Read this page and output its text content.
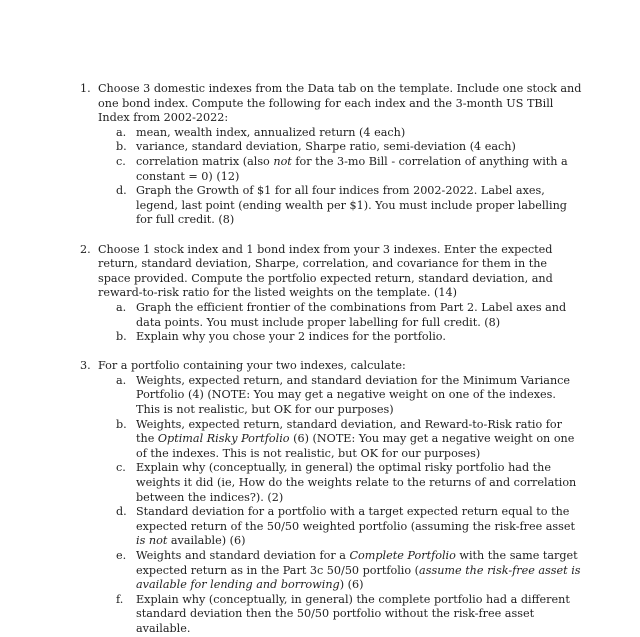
1. Choose 3 domestic indexes from the Data tab on the template. Include one stock and one bond index. Compute the following for each index and the 3-month US TBill Index from 2002-2022:

a. mean, wealth index, annualized return (4 each)

b. variance, standard deviation, Sharpe ratio, semi-deviation (4 each)

c. correlation matrix (also not for the 3-mo Bill - correlation of anything with a constant = 0) (12)

d. Graph the Growth of $1 for all four indices from 2002-2022. Label axes, legend, last point (ending wealth per $1). You must include proper labelling for full credit. (8)

2. Choose 1 stock index and 1 bond index from your 3 indexes. Enter the expected return, standard deviation, Sharpe, correlation, and covariance for them in the space provided. Compute the portfolio expected return, standard deviation, and reward-to-risk ratio for the listed weights on the template. (14)

a. Graph the efficient frontier of the combinations from Part 2. Label axes and data points. You must include proper labelling for full credit. (8)

b. Explain why you chose your 2 indices for the portfolio.

3. For a portfolio containing your two indexes, calculate:

a. Weights, expected return, and standard deviation for the Minimum Variance Portfolio (4) (NOTE: You may get a negative weight on one of the indexes. This is not realistic, but OK for our purposes)

b. Weights, expected return, standard deviation, and Reward-to-Risk ratio for the Optimal Risky Portfolio (6) (NOTE: You may get a negative weight on one of the indexes. This is not realistic, but OK for our purposes)

c. Explain why (conceptually, in general) the optimal risky portfolio had the weights it did (ie, How do the weights relate to the returns of and correlation between the indices?). (2)

d. Standard deviation for a portfolio with a target expected return equal to the expected return of the 50/50 weighted portfolio (assuming the risk-free asset is not available) (6)

e. Weights and standard deviation for a Complete Portfolio with the same target expected return as in the Part 3c 50/50 portfolio (assume the risk-free asset is available for lending and borrowing) (6)

f. Explain why (conceptually, in general) the complete portfolio had a different standard deviation then the 50/50 portfolio without the risk-free asset available.
